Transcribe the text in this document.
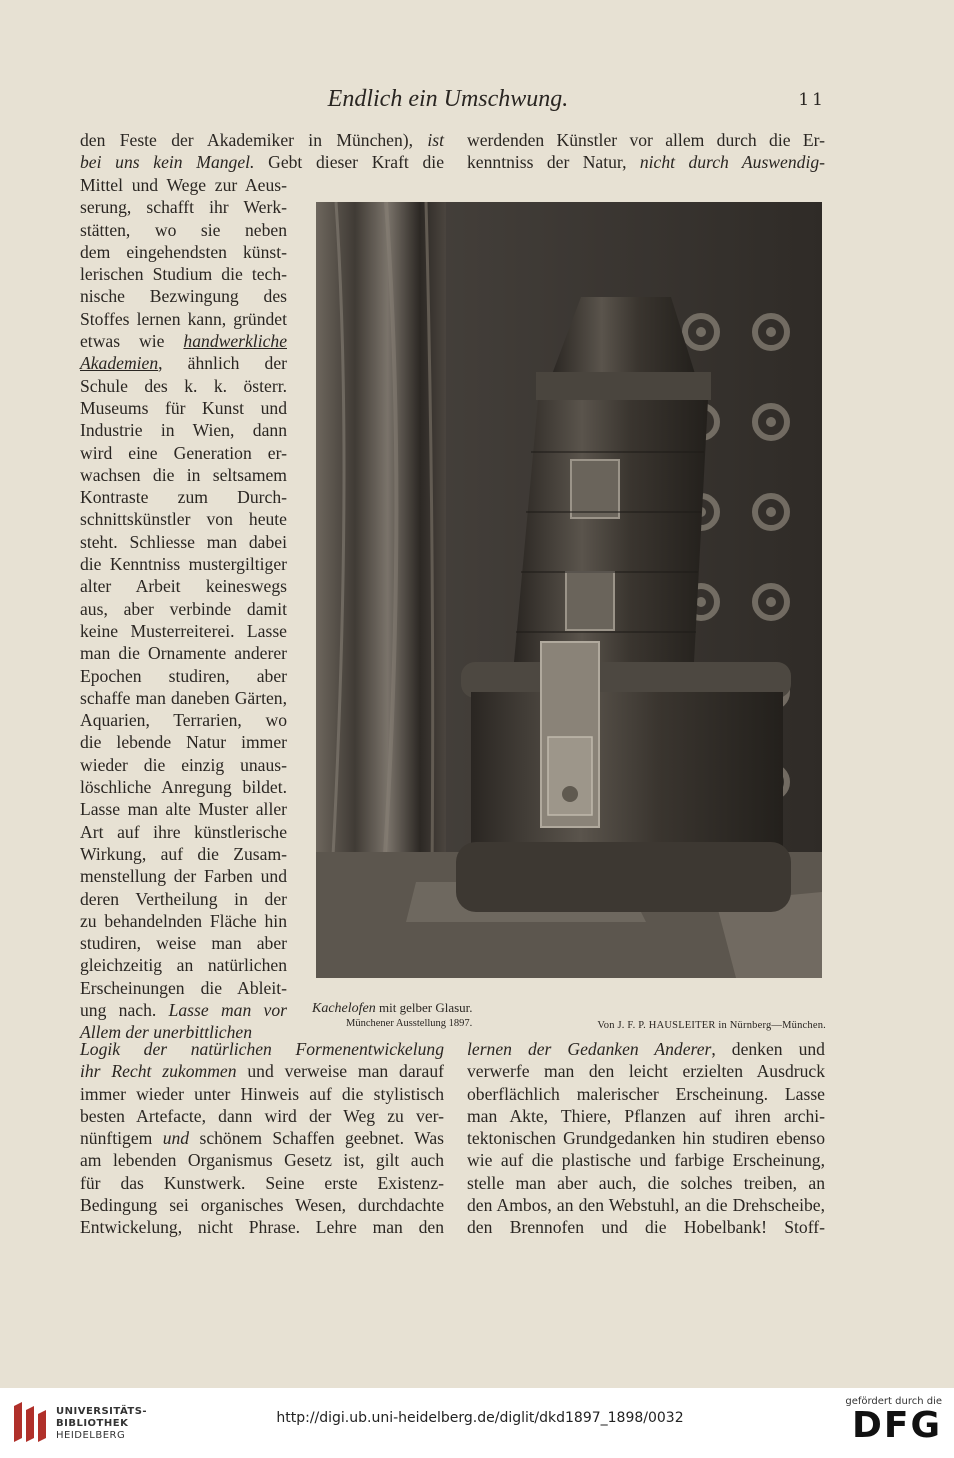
Endlich ein Umschwung.	11

den Feste der Akademiker in München), ist

bei uns kein Mangel. Gebt dieser Kraft die

werdenden Künstler vor allem durch die Er-

kenntniss der Natur, nicht durch Auswendig-

Mittel und Wege zur Aeus-

serung, schafft ihr Werk-

stätten, wo sie neben

dem eingehendsten künst-

lerischen Studium die tech-

nische Bezwingung des

Stoffes lernen kann, gründet

etwas wie handwerkliche

Akademien, ähnlich der

Schule des k. k. österr.

Museums für Kunst und

Industrie in Wien, dann

wird eine Generation er-

wachsen die in seltsamem

Kontraste zum Durch-

schnittskünstler von heute

steht. Schliesse man dabei

die Kenntniss mustergiltiger

alter Arbeit keineswegs

aus, aber verbinde damit

keine Musterreiterei. Lasse

man die Ornamente anderer

Epochen studiren, aber

schaffe man daneben Gärten,

Aquarien, Terrarien, wo

die lebende Natur immer

wieder die einzig unaus-

löschliche Anregung bildet.

Lasse man alte Muster aller

Art auf ihre künstlerische

Wirkung, auf die Zusam-

menstellung der Farben und

deren Vertheilung in der

zu behandelnden Fläche hin

studiren, weise man aber

gleichzeitig an natürlichen

Erscheinungen die Ableit-

ung nach. Lasse man vor

Allem der unerbittlichen

Kachelofen mit gelber Glasur.
Münchener Ausstellung 1897.	Von J. F. P. HAUSLEITER in Nürnberg—München.

Logik der natürlichen Formenentwickelung

ihr Recht zukommen und verweise man darauf

immer wieder unter Hinweis auf die stylistisch

besten Artefacte, dann wird der Weg zu ver-

nünftigem und schönem Schaffen geebnet. Was

am lebenden Organismus Gesetz ist, gilt auch

für das Kunstwerk. Seine erste Existenz-

Bedingung sei organisches Wesen, durchdachte

Entwickelung, nicht Phrase. Lehre man den

lernen der Gedanken Anderer, denken und

verwerfe man den leicht erzielten Ausdruck

oberflächlich malerischer Erscheinung. Lasse

man Akte, Thiere, Pflanzen auf ihren archi-

tektonischen Grundgedanken hin studiren ebenso

wie auf die plastische und farbige Erscheinung,

stelle man aber auch, die solches treiben, an

den Ambos, an den Webstuhl, an die Drehscheibe,

den Brennofen und die Hobelbank! Stoff-

UNIVERSITÄTS-
BIBLIOTHEK
HEIDELBERG
http://digi.ub.uni-heidelberg.de/diglit/dkd1897_1898/0032
gefördert durch die
DFG
